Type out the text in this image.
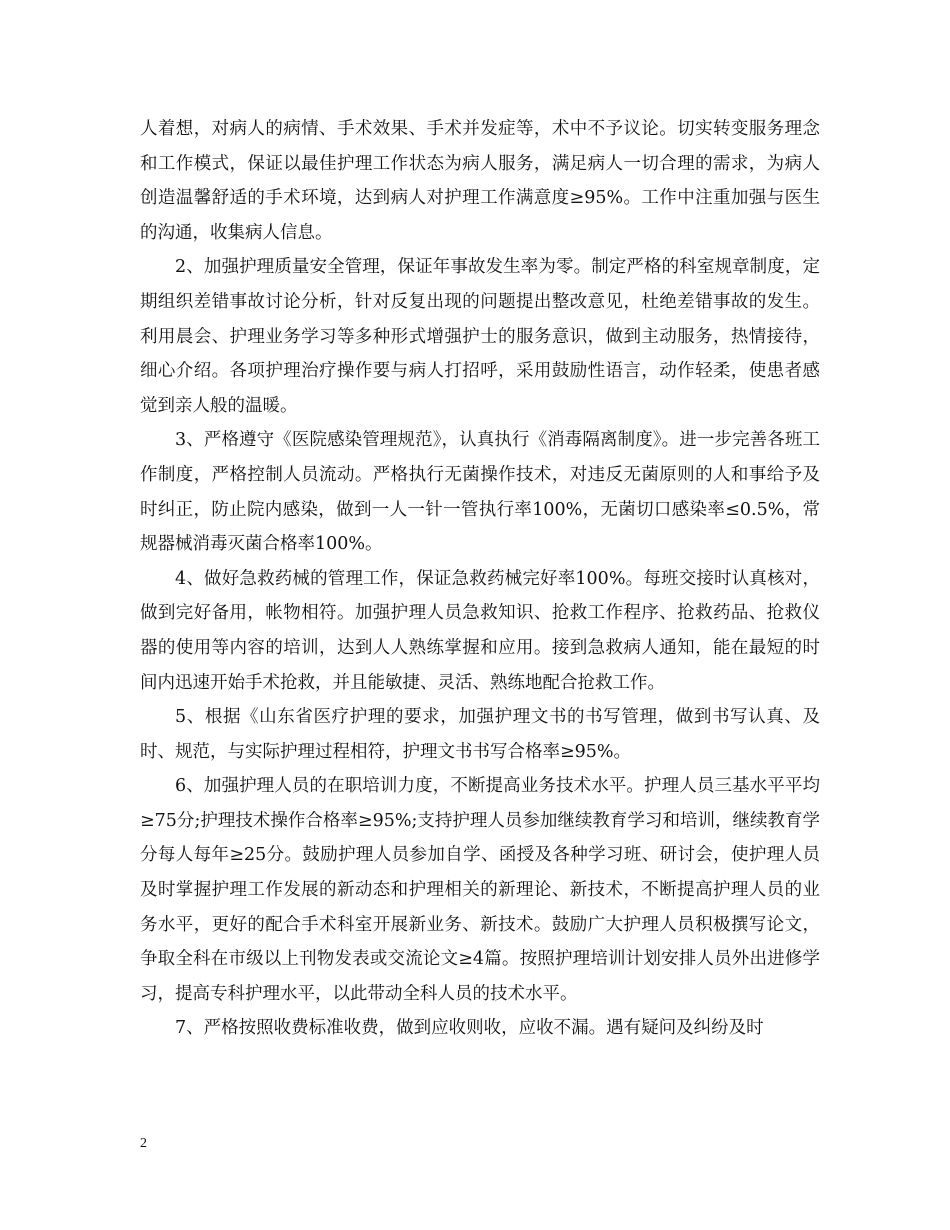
人着想，对病人的病情、手术效果、手术并发症等，术中不予议论。切实转变服务理念和工作模式，保证以最佳护理工作状态为病人服务，满足病人一切合理的需求，为病人创造温馨舒适的手术环境，达到病人对护理工作满意度≥95%。工作中注重加强与医生的沟通，收集病人信息。

2、加强护理质量安全管理，保证年事故发生率为零。制定严格的科室规章制度，定期组织差错事故讨论分析，针对反复出现的问题提出整改意见，杜绝差错事故的发生。利用晨会、护理业务学习等多种形式增强护士的服务意识，做到主动服务，热情接待，细心介绍。各项护理治疗操作要与病人打招呼，采用鼓励性语言，动作轻柔，使患者感觉到亲人般的温暖。

3、严格遵守《医院感染管理规范》，认真执行《消毒隔离制度》。进一步完善各班工作制度，严格控制人员流动。严格执行无菌操作技术，对违反无菌原则的人和事给予及时纠正，防止院内感染，做到一人一针一管执行率100%，无菌切口感染率≤0.5%，常规器械消毒灭菌合格率100%。

4、做好急救药械的管理工作，保证急救药械完好率100%。每班交接时认真核对，做到完好备用，帐物相符。加强护理人员急救知识、抢救工作程序、抢救药品、抢救仪器的使用等内容的培训，达到人人熟练掌握和应用。接到急救病人通知，能在最短的时间内迅速开始手术抢救，并且能敏捷、灵活、熟练地配合抢救工作。

5、根据《山东省医疗护理的要求，加强护理文书的书写管理，做到书写认真、及时、规范，与实际护理过程相符，护理文书书写合格率≥95%。

6、加强护理人员的在职培训力度，不断提高业务技术水平。护理人员三基水平平均≥75分;护理技术操作合格率≥95%;支持护理人员参加继续教育学习和培训，继续教育学分每人每年≥25分。鼓励护理人员参加自学、函授及各种学习班、研讨会，使护理人员及时掌握护理工作发展的新动态和护理相关的新理论、新技术，不断提高护理人员的业务水平，更好的配合手术科室开展新业务、新技术。鼓励广大护理人员积极撰写论文，争取全科在市级以上刊物发表或交流论文≥4篇。按照护理培训计划安排人员外出进修学习，提高专科护理水平，以此带动全科人员的技术水平。

7、严格按照收费标准收费，做到应收则收，应收不漏。遇有疑问及纠纷及时

2
